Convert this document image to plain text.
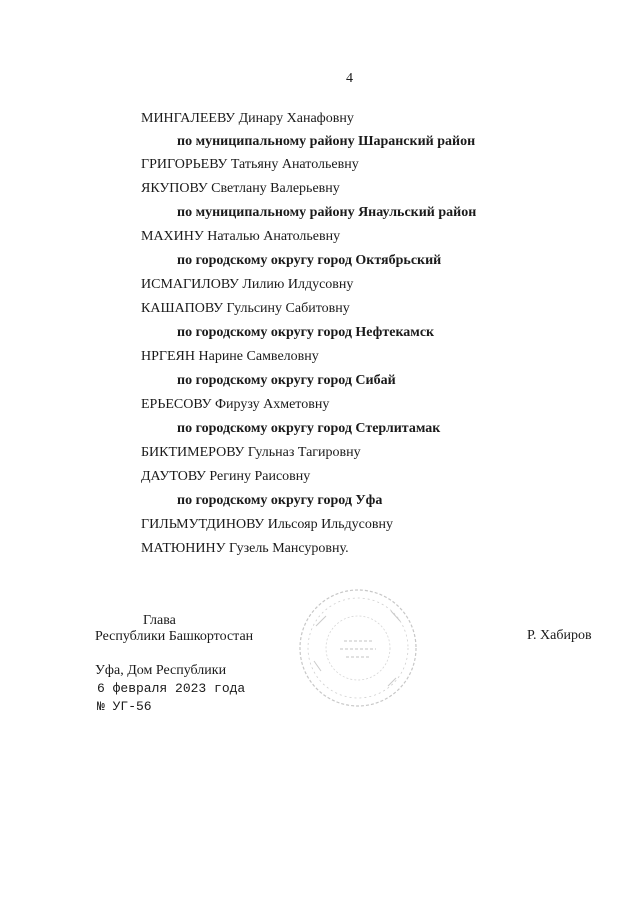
4
МИНГАЛЕЕВУ Динару Ханафовну
по муниципальному району Шаранский район
ГРИГОРЬЕВУ Татьяну Анатольевну
ЯКУПОВУ Светлану Валерьевну
по муниципальному району Янаульский район
МАХИНУ Наталью Анатольевну
по городскому округу город Октябрьский
ИСМАГИЛОВУ Лилию Илдусовну
КАШАПОВУ Гульсину Сабитовну
по городскому округу город Нефтекамск
НРГЕЯН Нарине Самвеловну
по городскому округу город Сибай
ЕРЬЕСОВУ Фирузу Ахметовну
по городскому округу город Стерлитамак
БИКТИМЕРОВУ Гульназ Тагировну
ДАУТОВУ Регину Раисовну
по городскому округу город Уфа
ГИЛЬМУТДИНОВУ Ильсояр Ильдусовну
МАТЮНИНУ Гузель Мансуровну.
Глава
Республики Башкортостан	Р. Хабиров
Уфа, Дом Республики
6 февраля 2023 года
№ УГ-56
